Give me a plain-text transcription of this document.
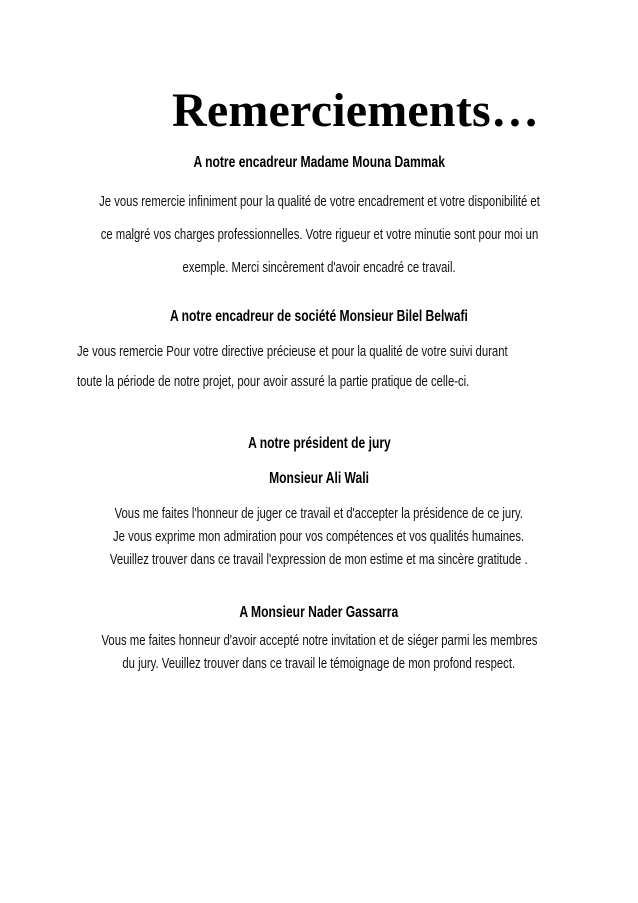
Remerciements…
A notre encadreur Madame Mouna Dammak
Je vous remercie infiniment pour la qualité de votre encadrement et votre disponibilité et
ce malgré vos charges professionnelles. Votre rigueur et votre minutie sont pour moi un
exemple. Merci sincèrement d'avoir encadré ce travail.
A notre encadreur de société Monsieur Bilel Belwafi
Je vous remercie Pour votre directive précieuse et pour la qualité de votre suivi durant
toute la période de notre projet, pour avoir assuré la partie pratique de celle-ci.
A notre président de jury
Monsieur Ali Wali
Vous me faites l'honneur de juger ce travail et d'accepter la présidence de ce jury.
Je vous exprime mon admiration pour vos compétences et vos qualités humaines.
Veuillez trouver dans ce travail l'expression de mon estime et ma sincère gratitude .
A Monsieur Nader Gassarra
Vous me faites honneur d'avoir accepté notre invitation et de siéger parmi les membres
du jury. Veuillez trouver dans ce travail le témoignage de mon profond respect.
